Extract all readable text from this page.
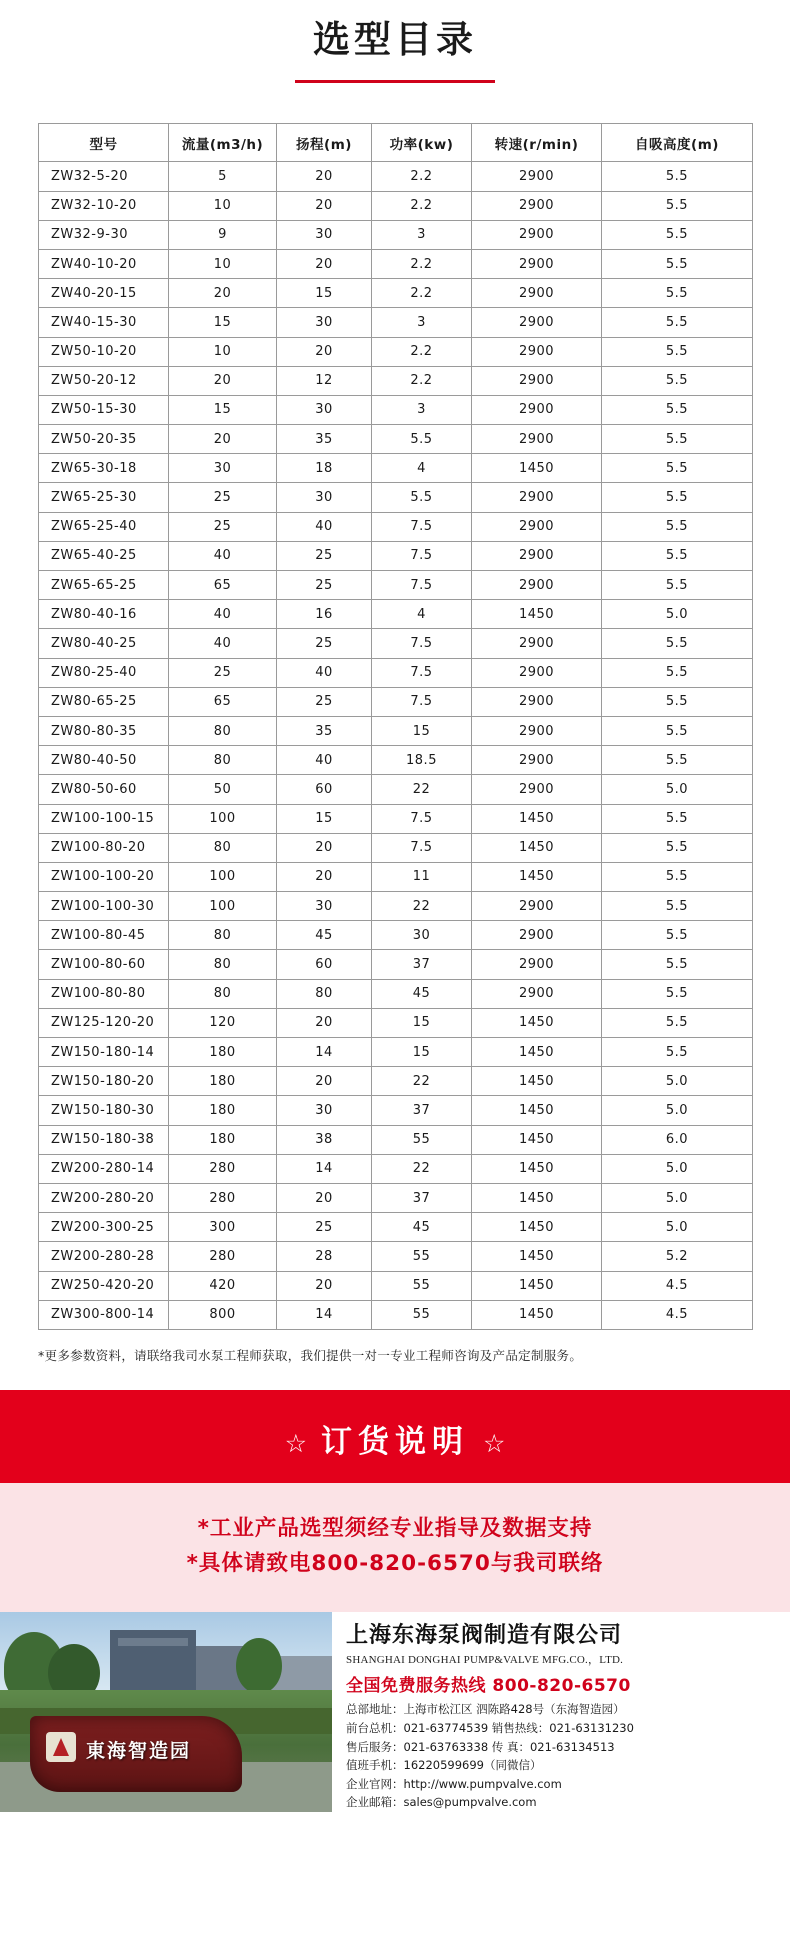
选型目录
型号	流量(m3/h)	扬程(m)	功率(kw)	转速(r/min)	自吸高度(m)
ZW32-5-20	5	20	2.2	2900	5.5
ZW32-10-20	10	20	2.2	2900	5.5
ZW32-9-30	9	30	3	2900	5.5
ZW40-10-20	10	20	2.2	2900	5.5
ZW40-20-15	20	15	2.2	2900	5.5
ZW40-15-30	15	30	3	2900	5.5
ZW50-10-20	10	20	2.2	2900	5.5
ZW50-20-12	20	12	2.2	2900	5.5
ZW50-15-30	15	30	3	2900	5.5
ZW50-20-35	20	35	5.5	2900	5.5
ZW65-30-18	30	18	4	1450	5.5
ZW65-25-30	25	30	5.5	2900	5.5
ZW65-25-40	25	40	7.5	2900	5.5
ZW65-40-25	40	25	7.5	2900	5.5
ZW65-65-25	65	25	7.5	2900	5.5
ZW80-40-16	40	16	4	1450	5.0
ZW80-40-25	40	25	7.5	2900	5.5
ZW80-25-40	25	40	7.5	2900	5.5
ZW80-65-25	65	25	7.5	2900	5.5
ZW80-80-35	80	35	15	2900	5.5
ZW80-40-50	80	40	18.5	2900	5.5
ZW80-50-60	50	60	22	2900	5.0
ZW100-100-15	100	15	7.5	1450	5.5
ZW100-80-20	80	20	7.5	1450	5.5
ZW100-100-20	100	20	11	1450	5.5
ZW100-100-30	100	30	22	2900	5.5
ZW100-80-45	80	45	30	2900	5.5
ZW100-80-60	80	60	37	2900	5.5
ZW100-80-80	80	80	45	2900	5.5
ZW125-120-20	120	20	15	1450	5.5
ZW150-180-14	180	14	15	1450	5.5
ZW150-180-20	180	20	22	1450	5.0
ZW150-180-30	180	30	37	1450	5.0
ZW150-180-38	180	38	55	1450	6.0
ZW200-280-14	280	14	22	1450	5.0
ZW200-280-20	280	20	37	1450	5.0
ZW200-300-25	300	25	45	1450	5.0
ZW200-280-28	280	28	55	1450	5.2
ZW250-420-20	420	20	55	1450	4.5
ZW300-800-14	800	14	55	1450	4.5
*更多参数资料，请联络我司水泵工程师获取，我们提供一对一专业工程师咨询及产品定制服务。
☆ 订货说明 ☆
*工业产品选型须经专业指导及数据支持
*具体请致电800-820-6570与我司联络
東海智造园
上海东海泵阀制造有限公司
SHANGHAI DONGHAI PUMP&VALVE MFG.CO.，LTD.
全国免费服务热线 800-820-6570
总部地址：上海市松江区 泗陈路428号（东海智造园）
前台总机：021-63774539 销售热线：021-63131230
售后服务：021-63763338 传 真：021-63134513
值班手机：16220599699（同微信）
企业官网：http://www.pumpvalve.com
企业邮箱：sales@pumpvalve.com
